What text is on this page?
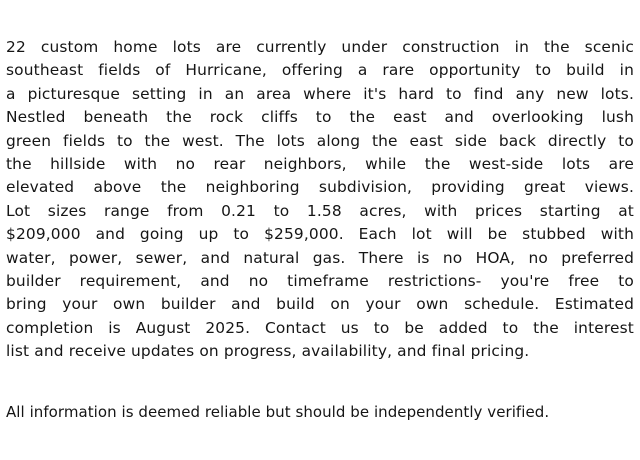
22 custom home lots are currently under construction in the scenic
southeast fields of Hurricane, offering a rare opportunity to build in
a picturesque setting in an area where it's hard to find any new lots.
Nestled beneath the rock cliffs to the east and overlooking lush
green fields to the west. The lots along the east side back directly to
the hillside with no rear neighbors, while the west-side lots are
elevated above the neighboring subdivision, providing great views.
Lot sizes range from 0.21 to 1.58 acres, with prices starting at
$209,000 and going up to $259,000. Each lot will be stubbed with
water, power, sewer, and natural gas. There is no HOA, no preferred
builder requirement, and no timeframe restrictions- you're free to
bring your own builder and build on your own schedule. Estimated
completion is August 2025. Contact us to be added to the interest
list and receive updates on progress, availability, and final pricing.

All information is deemed reliable but should be independently verified.
